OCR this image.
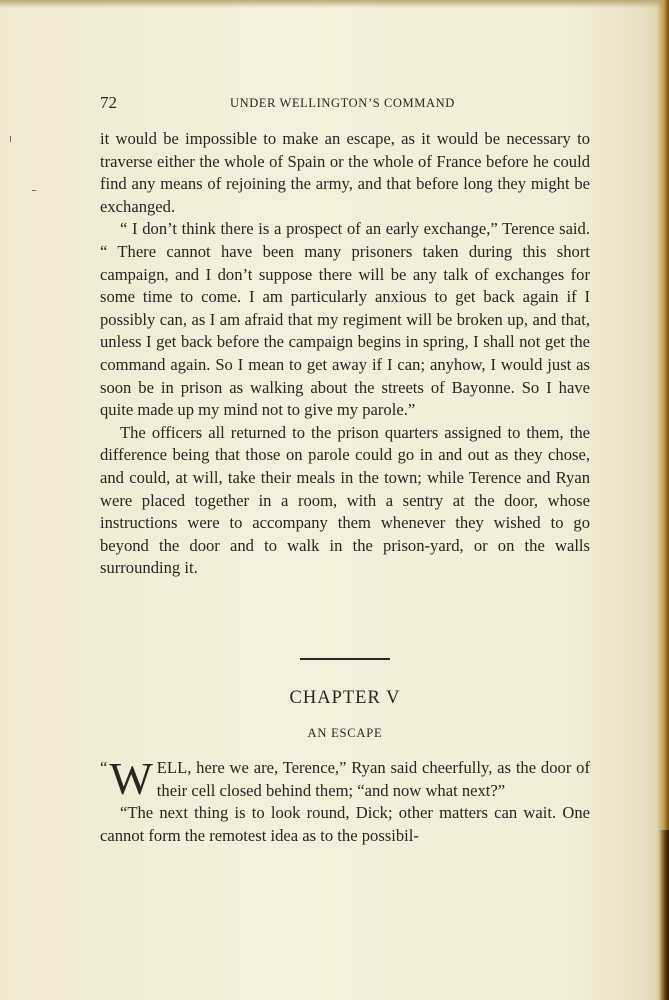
72	UNDER WELLINGTON’S COMMAND

it would be impossible to make an escape, as it would be necessary to traverse either the whole of Spain or the whole of France before he could find any means of rejoining the army, and that before long they might be exchanged.

“ I don’t think there is a prospect of an early exchange,” Terence said. “ There cannot have been many prisoners taken during this short campaign, and I don’t suppose there will be any talk of exchanges for some time to come. I am particularly anxious to get back again if I possibly can, as I am afraid that my regiment will be broken up, and that, unless I get back before the campaign begins in spring, I shall not get the command again. So I mean to get away if I can; anyhow, I would just as soon be in prison as walking about the streets of Bayonne. So I have quite made up my mind not to give my parole.”

The officers all returned to the prison quarters assigned to them, the difference being that those on parole could go in and out as they chose, and could, at will, take their meals in the town; while Terence and Ryan were placed together in a room, with a sentry at the door, whose instructions were to accompany them whenever they wished to go beyond the door and to walk in the prison-yard, or on the walls surrounding it.

CHAPTER V
AN ESCAPE
“ W ELL, here we are, Terence,” Ryan said cheerfully, as the door of their cell closed behind them; “and now what next?”

“The next thing is to look round, Dick; other matters can wait. One cannot form the remotest idea as to the possibil-
